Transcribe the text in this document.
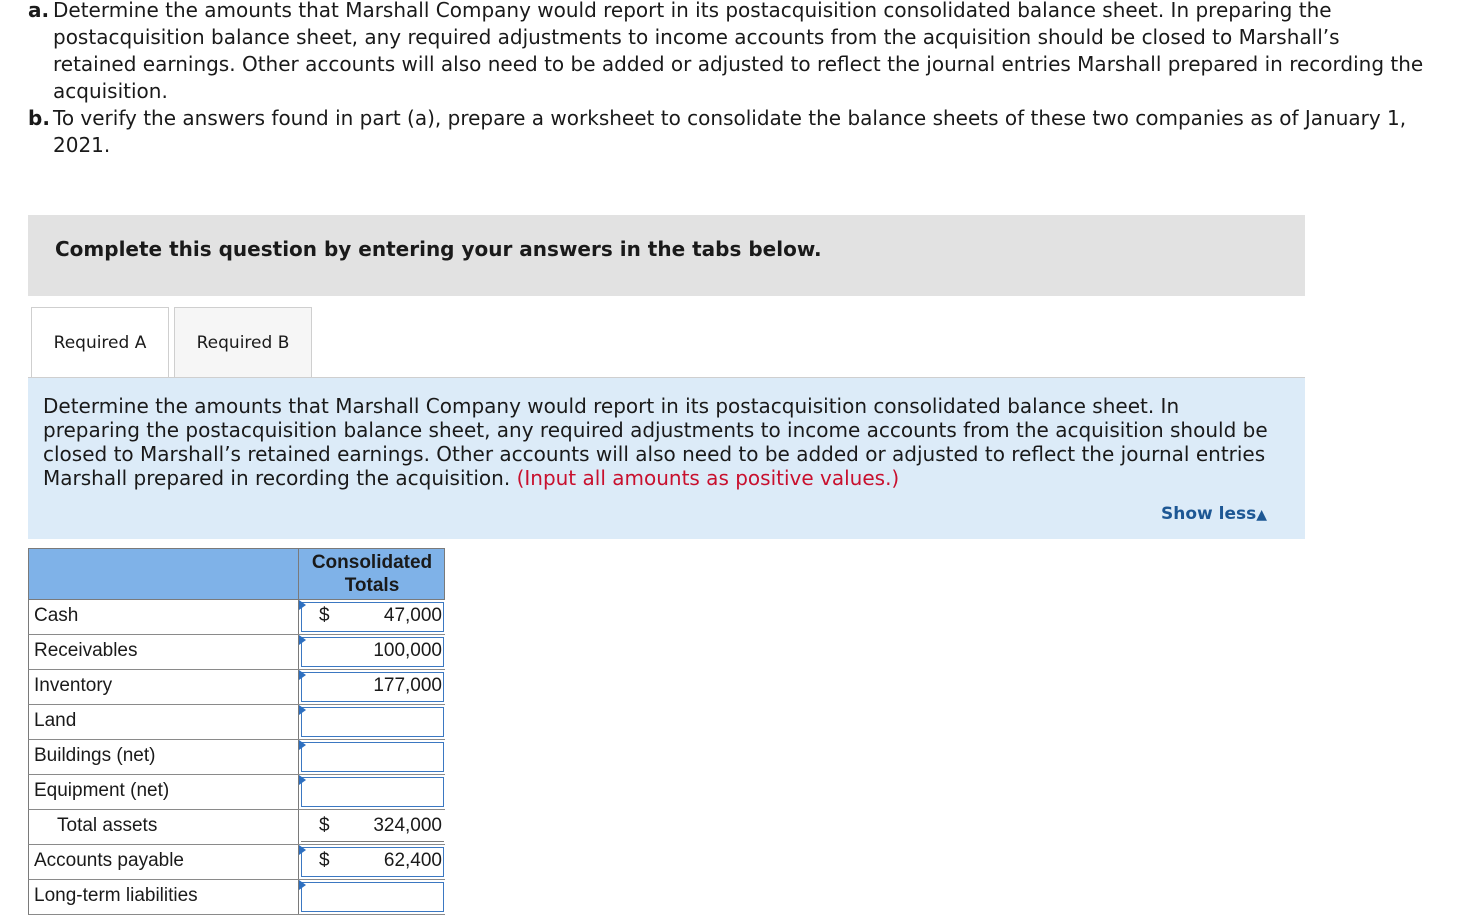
a. Determine the amounts that Marshall Company would report in its postacquisition consolidated balance sheet. In preparing the postacquisition balance sheet, any required adjustments to income accounts from the acquisition should be closed to Marshall’s retained earnings. Other accounts will also need to be added or adjusted to reflect the journal entries Marshall prepared in recording the acquisition.
b. To verify the answers found in part (a), prepare a worksheet to consolidate the balance sheets of these two companies as of January 1, 2021.
Complete this question by entering your answers in the tabs below.
Required A	Required B

Determine the amounts that Marshall Company would report in its postacquisition consolidated balance sheet. In preparing the postacquisition balance sheet, any required adjustments to income accounts from the acquisition should be closed to Marshall’s retained earnings. Other accounts will also need to be added or adjusted to reflect the journal entries Marshall prepared in recording the acquisition. (Input all amounts as positive values.)

Show less▲
Consolidated Totals
Cash	$	47,000
Receivables	100,000
Inventory	177,000
Land
Buildings (net)
Equipment (net)
Total assets	$ 324,000
Accounts payable	$	62,400
Long-term liabilities
